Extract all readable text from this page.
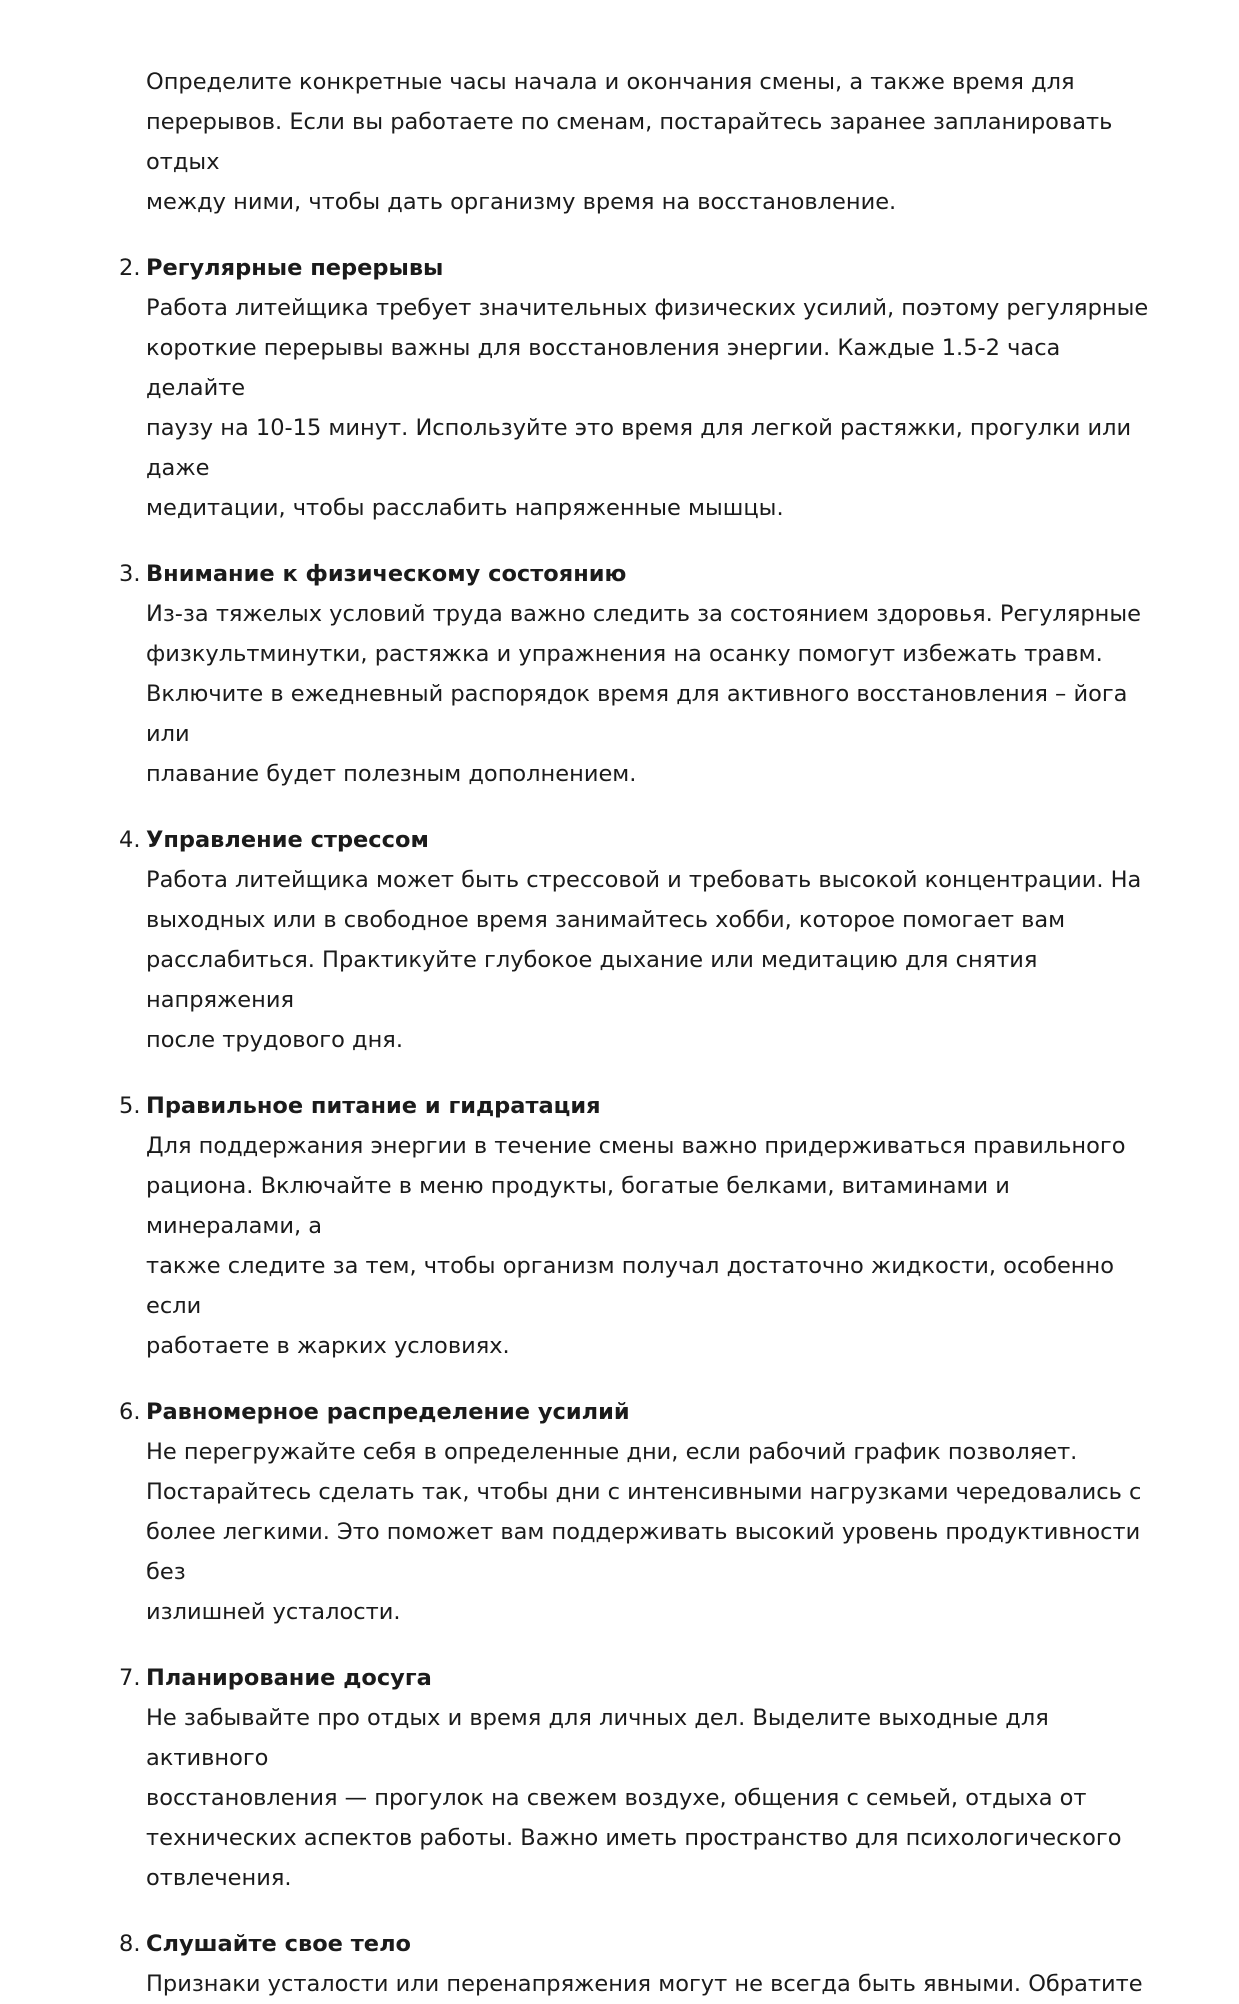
Определите конкретные часы начала и окончания смены, а также время для
перерывов. Если вы работаете по сменам, постарайтесь заранее запланировать отдых
между ними, чтобы дать организму время на восстановление.

2. Регулярные перерывы

Работа литейщика требует значительных физических усилий, поэтому регулярные
короткие перерывы важны для восстановления энергии. Каждые 1.5-2 часа делайте
паузу на 10-15 минут. Используйте это время для легкой растяжки, прогулки или даже
медитации, чтобы расслабить напряженные мышцы.

3. Внимание к физическому состоянию

Из-за тяжелых условий труда важно следить за состоянием здоровья. Регулярные
физкультминутки, растяжка и упражнения на осанку помогут избежать травм.
Включите в ежедневный распорядок время для активного восстановления – йога или
плавание будет полезным дополнением.

4. Управление стрессом

Работа литейщика может быть стрессовой и требовать высокой концентрации. На
выходных или в свободное время занимайтесь хобби, которое помогает вам
расслабиться. Практикуйте глубокое дыхание или медитацию для снятия напряжения
после трудового дня.

5. Правильное питание и гидратация

Для поддержания энергии в течение смены важно придерживаться правильного
рациона. Включайте в меню продукты, богатые белками, витаминами и минералами, а
также следите за тем, чтобы организм получал достаточно жидкости, особенно если
работаете в жарких условиях.

6. Равномерное распределение усилий

Не перегружайте себя в определенные дни, если рабочий график позволяет.
Постарайтесь сделать так, чтобы дни с интенсивными нагрузками чередовались с
более легкими. Это поможет вам поддерживать высокий уровень продуктивности без
излишней усталости.

7. Планирование досуга

Не забывайте про отдых и время для личных дел. Выделите выходные для активного
восстановления — прогулок на свежем воздухе, общения с семьей, отдыха от
технических аспектов работы. Важно иметь пространство для психологического
отвлечения.

8. Слушайте свое тело

Признаки усталости или перенапряжения могут не всегда быть явными. Обратите
